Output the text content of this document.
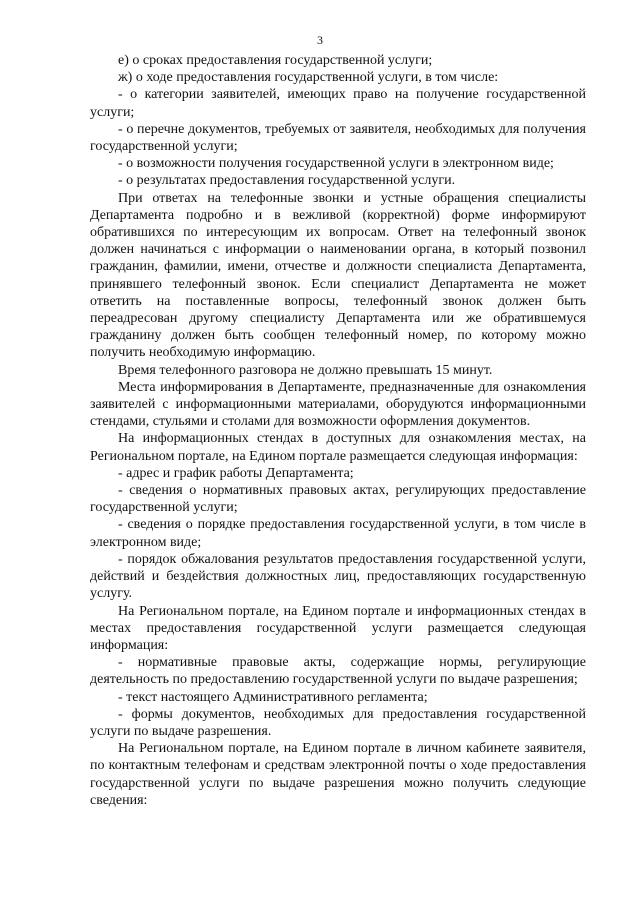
3

е) о сроках предоставления государственной услуги;

ж) о ходе предоставления государственной услуги, в том числе:

- о категории заявителей, имеющих право на получение государственной услуги;

- о перечне документов, требуемых от заявителя, необходимых для получения государственной услуги;

- о возможности получения государственной услуги в электронном виде;

- о результатах предоставления государственной услуги.

При ответах на телефонные звонки и устные обращения специалисты Департамента подробно и в вежливой (корректной) форме информируют обратившихся по интересующим их вопросам. Ответ на телефонный звонок должен начинаться с информации о наименовании органа, в который позвонил гражданин, фамилии, имени, отчестве и должности специалиста Департамента, принявшего телефонный звонок. Если специалист Департамента не может ответить на поставленные вопросы, телефонный звонок должен быть переадресован другому специалисту Департамента или же обратившемуся гражданину должен быть сообщен телефонный номер, по которому можно получить необходимую информацию.

Время телефонного разговора не должно превышать 15 минут.

Места информирования в Департаменте, предназначенные для ознакомления заявителей с информационными материалами, оборудуются информационными стендами, стульями и столами для возможности оформления документов.

На информационных стендах в доступных для ознакомления местах, на Региональном портале, на Едином портале размещается следующая информация:

- адрес и график работы Департамента;

- сведения о нормативных правовых актах, регулирующих предоставление государственной услуги;

- сведения о порядке предоставления государственной услуги, в том числе в электронном виде;

- порядок обжалования результатов предоставления государственной услуги, действий и бездействия должностных лиц, предоставляющих государственную услугу.

На Региональном портале, на Едином портале и информационных стендах в местах предоставления государственной услуги размещается следующая информация:

- нормативные правовые акты, содержащие нормы, регулирующие деятельность по предоставлению государственной услуги по выдаче разрешения;

- текст настоящего Административного регламента;

- формы документов, необходимых для предоставления государственной услуги по выдаче разрешения.

На Региональном портале, на Едином портале в личном кабинете заявителя, по контактным телефонам и средствам электронной почты о ходе предоставления государственной услуги по выдаче разрешения можно получить следующие сведения:
